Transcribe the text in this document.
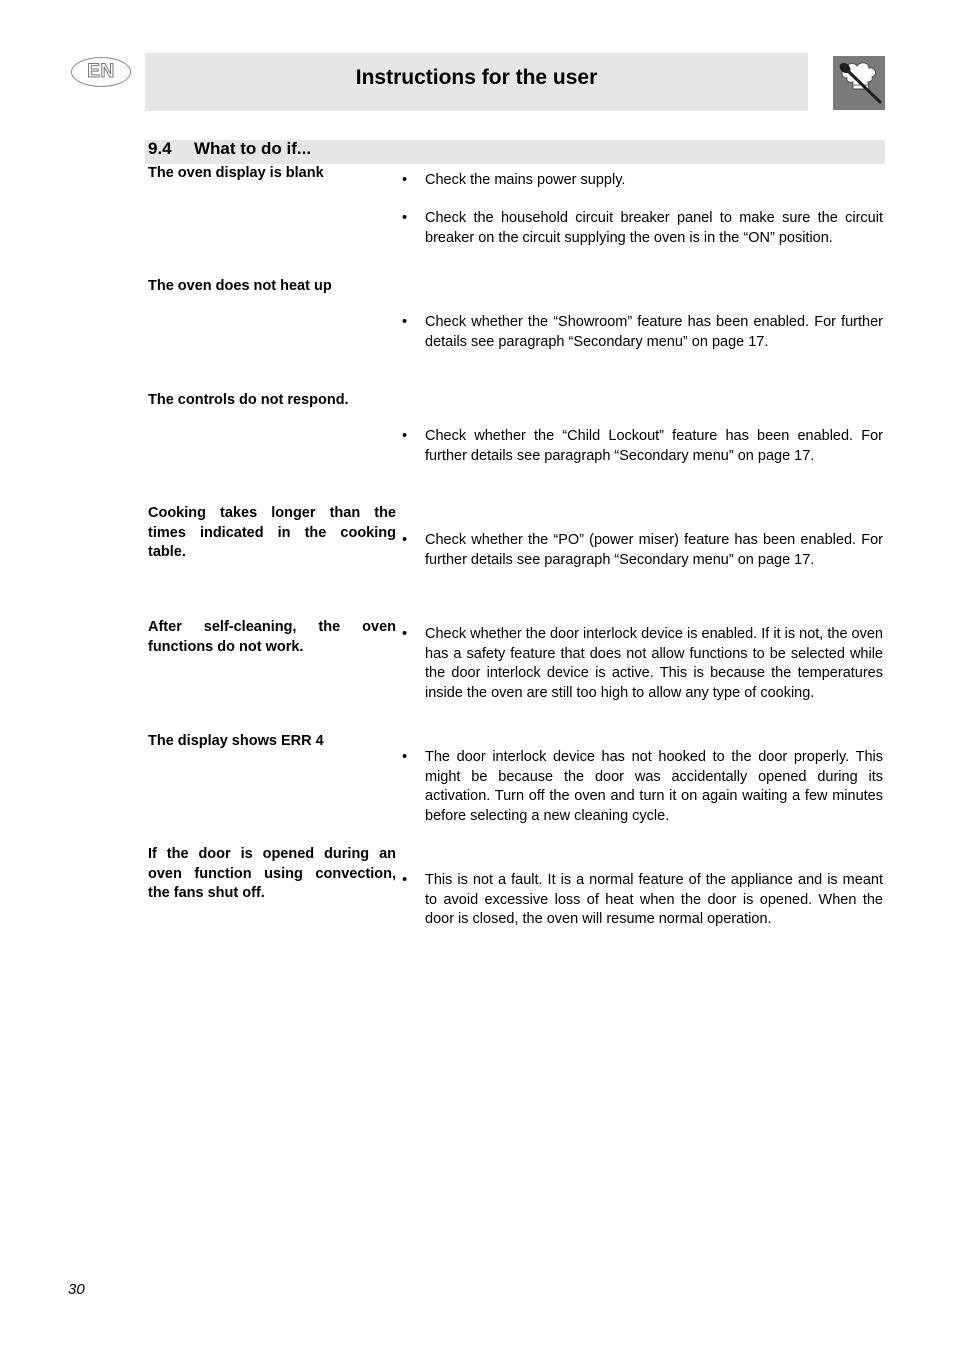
EN	Instructions for the user
9.4 What to do if...
The oven display is blank
The oven does not heat up
The controls do not respond.
Cooking takes longer than the times indicated in the cooking table.
After self-cleaning, the oven functions do not work.
The display shows ERR 4
If the door is opened during an oven function using convection, the fans shut off.
• Check the mains power supply.
• Check the household circuit breaker panel to make sure the circuit breaker on the circuit supplying the oven is in the “ON” position.
• Check whether the “Showroom” feature has been enabled. For further details see paragraph “Secondary menu” on page 17.
• Check whether the “Child Lockout” feature has been enabled. For further details see paragraph “Secondary menu” on page 17.
• Check whether the “PO” (power miser) feature has been enabled. For further details see paragraph “Secondary menu” on page 17.
• Check whether the door interlock device is enabled. If it is not, the oven has a safety feature that does not allow functions to be selected while the door interlock device is active. This is because the temperatures inside the oven are still too high to allow any type of cooking.
• The door interlock device has not hooked to the door properly. This might be because the door was accidentally opened during its activation. Turn off the oven and turn it on again waiting a few minutes before selecting a new cleaning cycle.
• This is not a fault. It is a normal feature of the appliance and is meant to avoid excessive loss of heat when the door is opened. When the door is closed, the oven will resume normal operation.
30
